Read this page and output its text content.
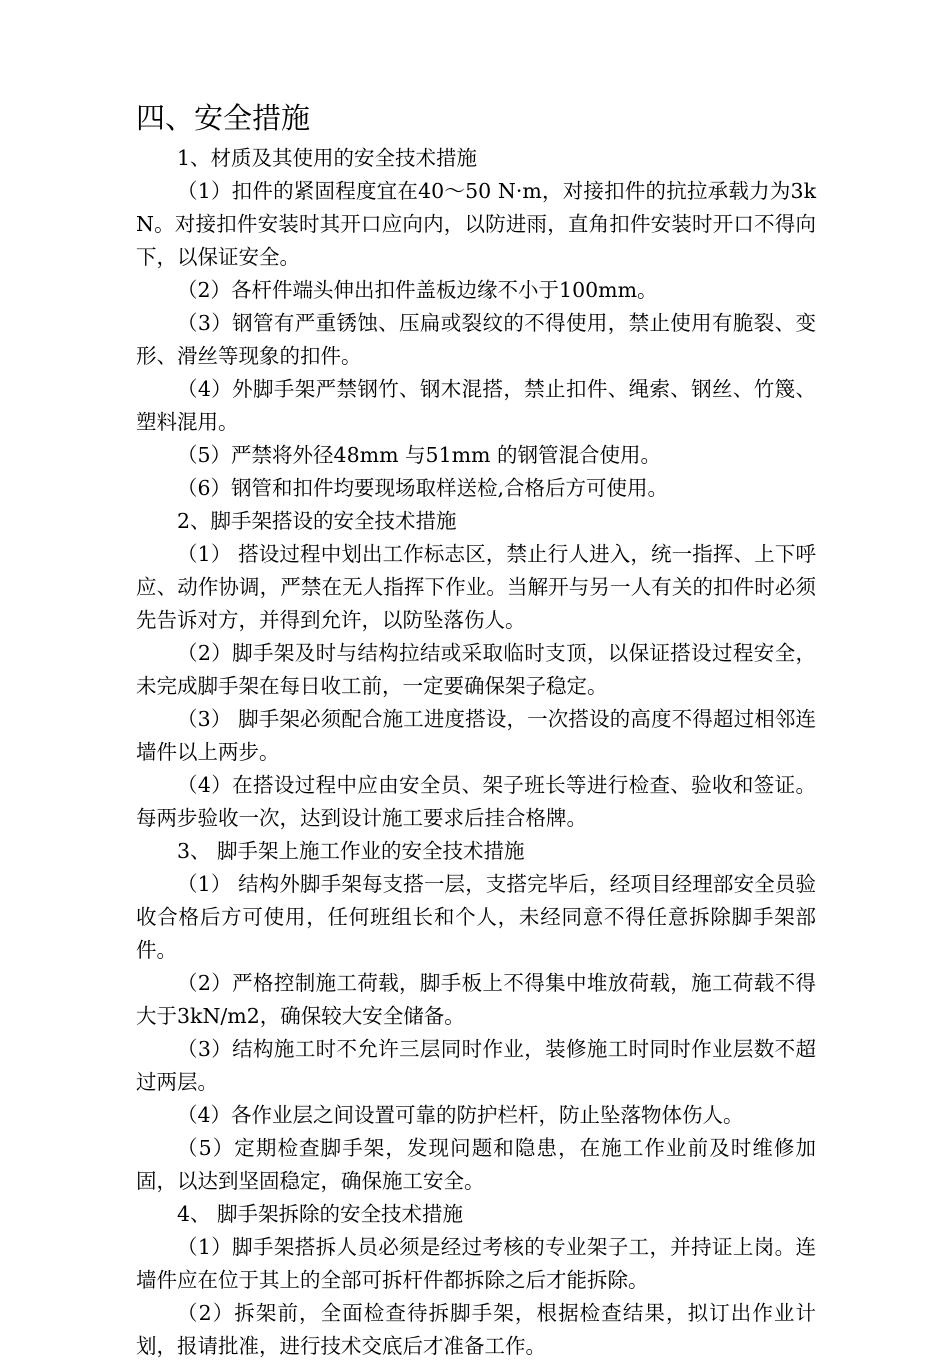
四、安全措施
1、材质及其使用的安全技术措施
（1）扣件的紧固程度宜在40～50 N·m，对接扣件的抗拉承载力为3kN。对接扣件安装时其开口应向内，以防进雨，直角扣件安装时开口不得向下，以保证安全。
（2）各杆件端头伸出扣件盖板边缘不小于100mm。
（3）钢管有严重锈蚀、压扁或裂纹的不得使用，禁止使用有脆裂、变形、滑丝等现象的扣件。
（4）外脚手架严禁钢竹、钢木混搭，禁止扣件、绳索、钢丝、竹篾、塑料混用。
（5）严禁将外径48mm 与51mm 的钢管混合使用。
（6）钢管和扣件均要现场取样送检,合格后方可使用。
2、脚手架搭设的安全技术措施
（1） 搭设过程中划出工作标志区，禁止行人进入，统一指挥、上下呼应、动作协调，严禁在无人指挥下作业。当解开与另一人有关的扣件时必须先告诉对方，并得到允许，以防坠落伤人。
（2）脚手架及时与结构拉结或采取临时支顶，以保证搭设过程安全，未完成脚手架在每日收工前，一定要确保架子稳定。
（3） 脚手架必须配合施工进度搭设，一次搭设的高度不得超过相邻连墙件以上两步。
（4）在搭设过程中应由安全员、架子班长等进行检查、验收和签证。每两步验收一次，达到设计施工要求后挂合格牌。
3、 脚手架上施工作业的安全技术措施
（1） 结构外脚手架每支搭一层，支搭完毕后，经项目经理部安全员验收合格后方可使用，任何班组长和个人，未经同意不得任意拆除脚手架部件。
（2）严格控制施工荷载，脚手板上不得集中堆放荷载，施工荷载不得大于3kN/m2，确保较大安全储备。
（3）结构施工时不允许三层同时作业，装修施工时同时作业层数不超过两层。
（4）各作业层之间设置可靠的防护栏杆，防止坠落物体伤人。
（5）定期检查脚手架，发现问题和隐患，在施工作业前及时维修加固，以达到坚固稳定，确保施工安全。
4、 脚手架拆除的安全技术措施
（1）脚手架搭拆人员必须是经过考核的专业架子工，并持证上岗。连墙件应在位于其上的全部可拆杆件都拆除之后才能拆除。
（2）拆架前，全面检查待拆脚手架，根据检查结果，拟订出作业计划，报请批准，进行技术交底后才准备工作。
